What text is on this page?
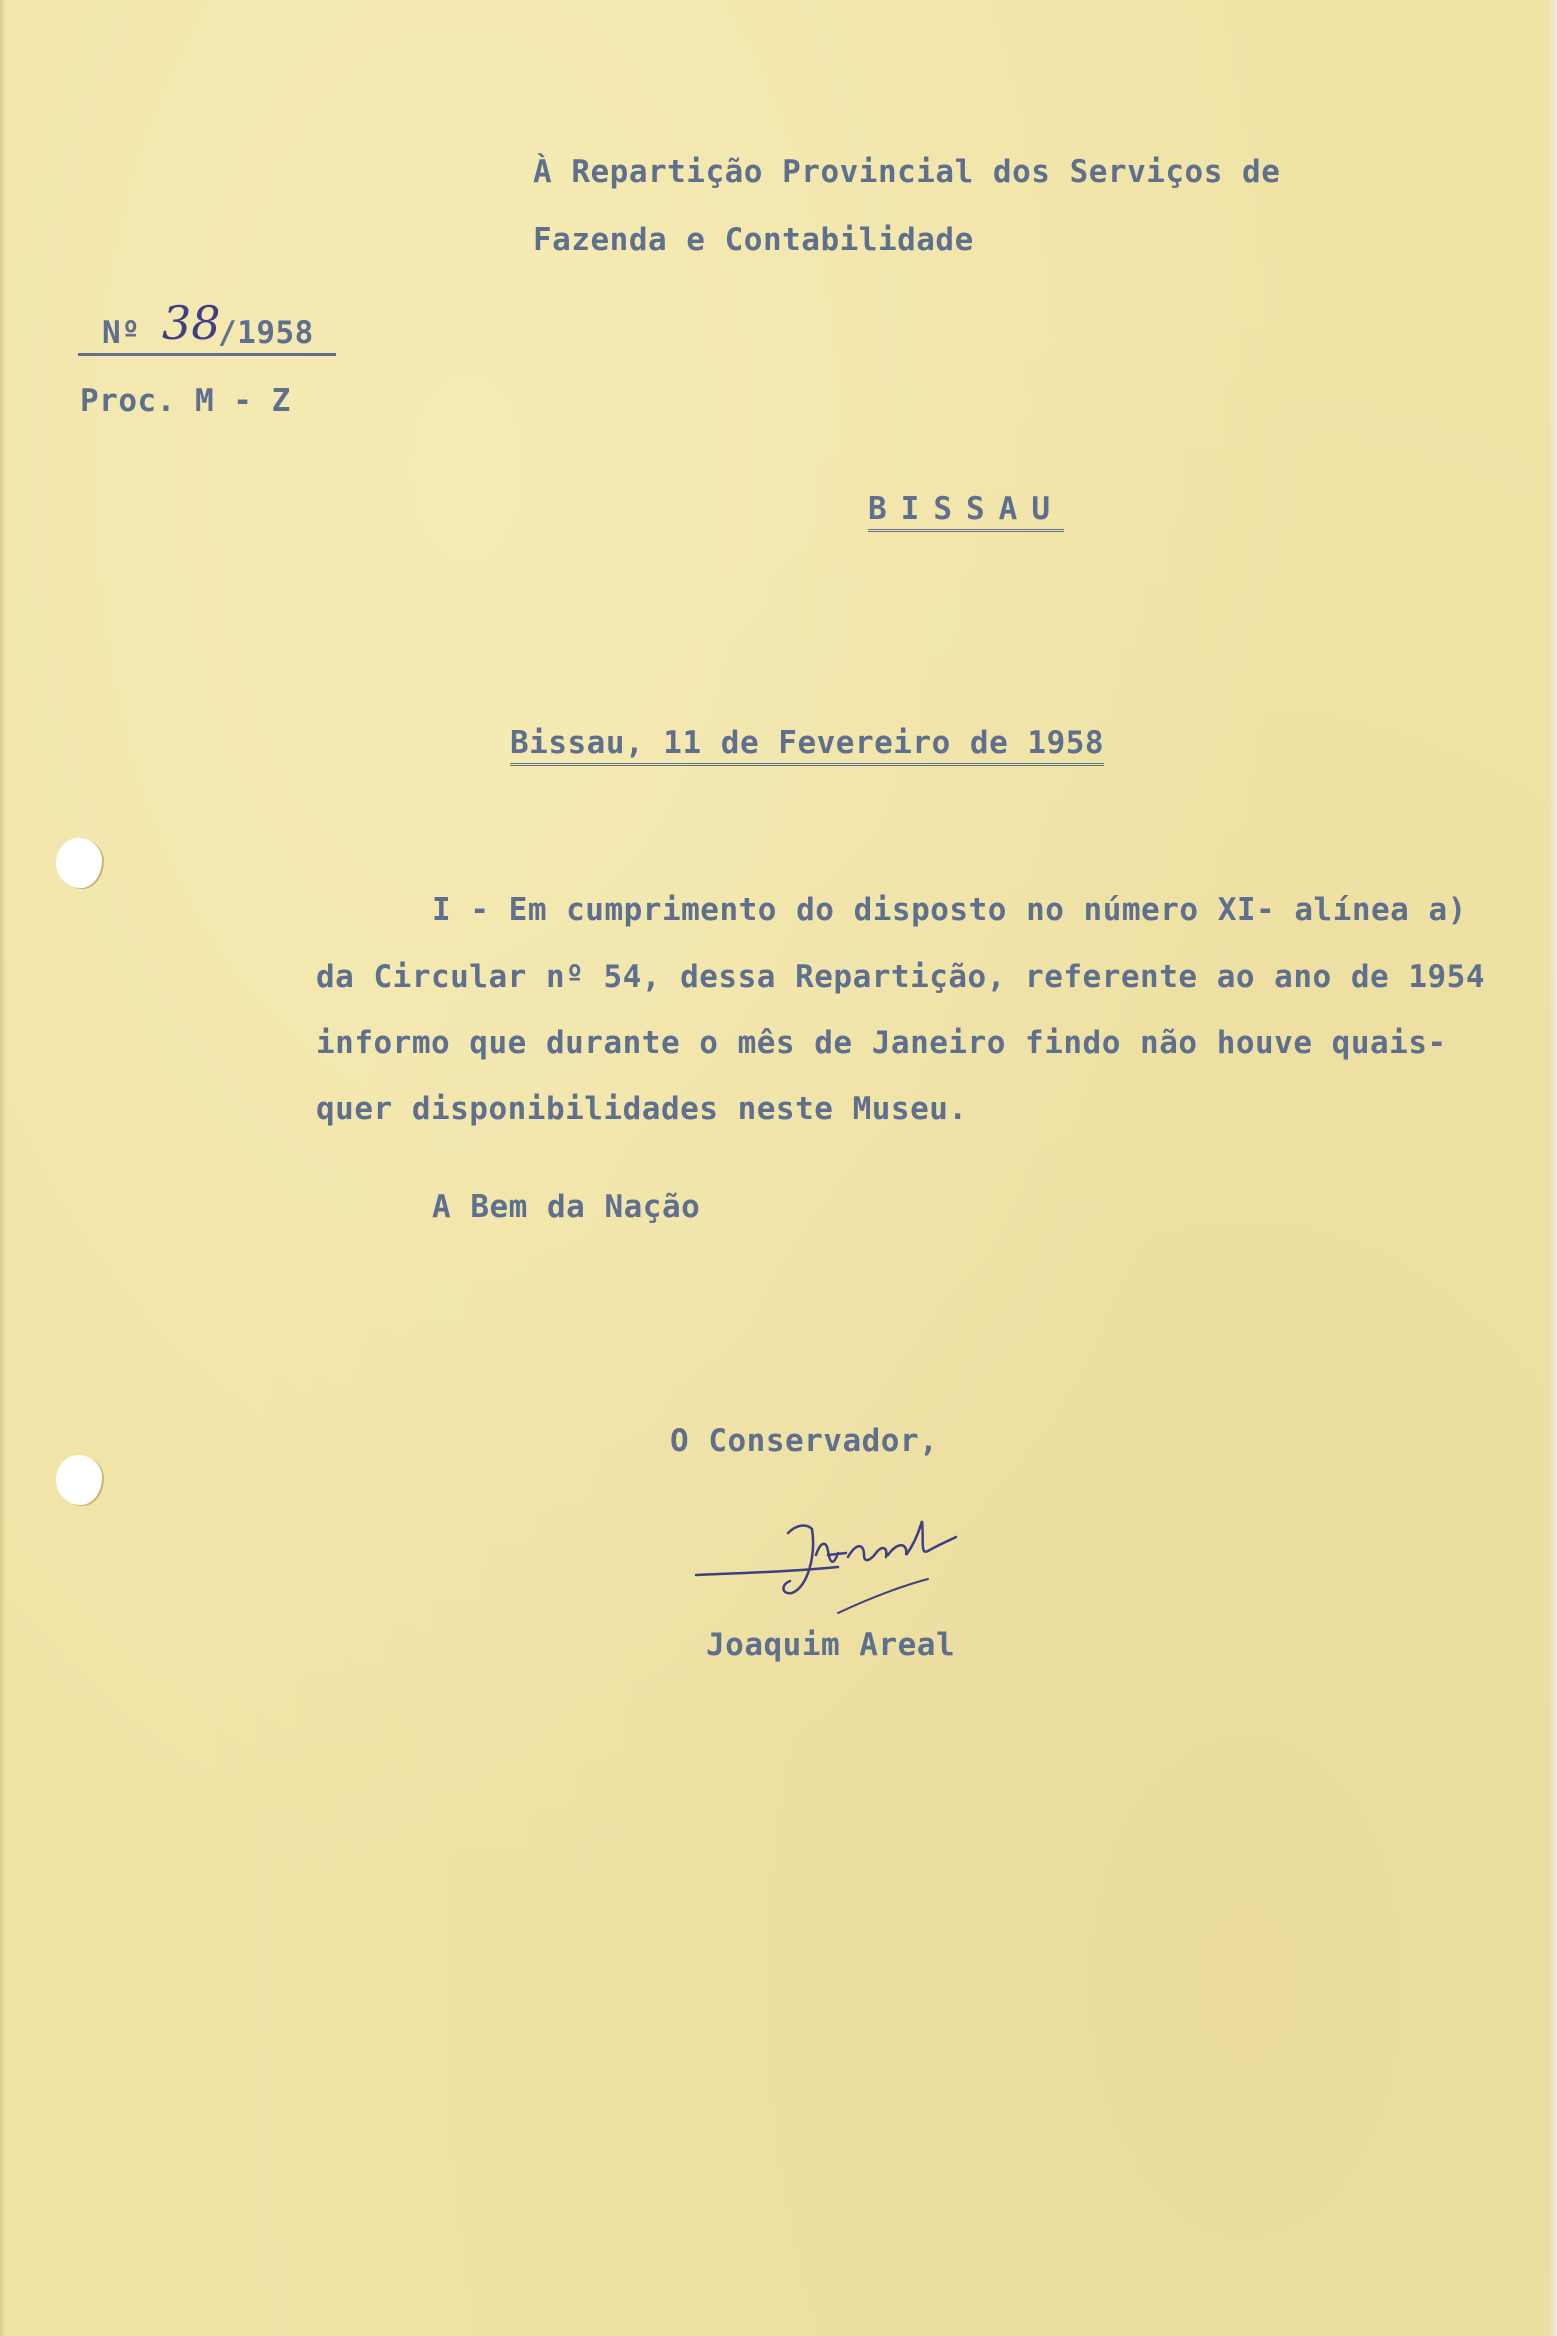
À Repartição Provincial dos Serviços de
Fazenda e Contabilidade
Nº 38
/1958
Proc. M - Z
BISSAU
Bissau, 11 de Fevereiro de 1958
I - Em cumprimento do disposto no número XI- alínea a)
da Circular nº 54, dessa Repartição, referente ao ano de 1954
informo que durante o mês de Janeiro findo não houve quais-
quer disponibilidades neste Museu.
A Bem da Nação
O Conservador,
Joaquim Areal
